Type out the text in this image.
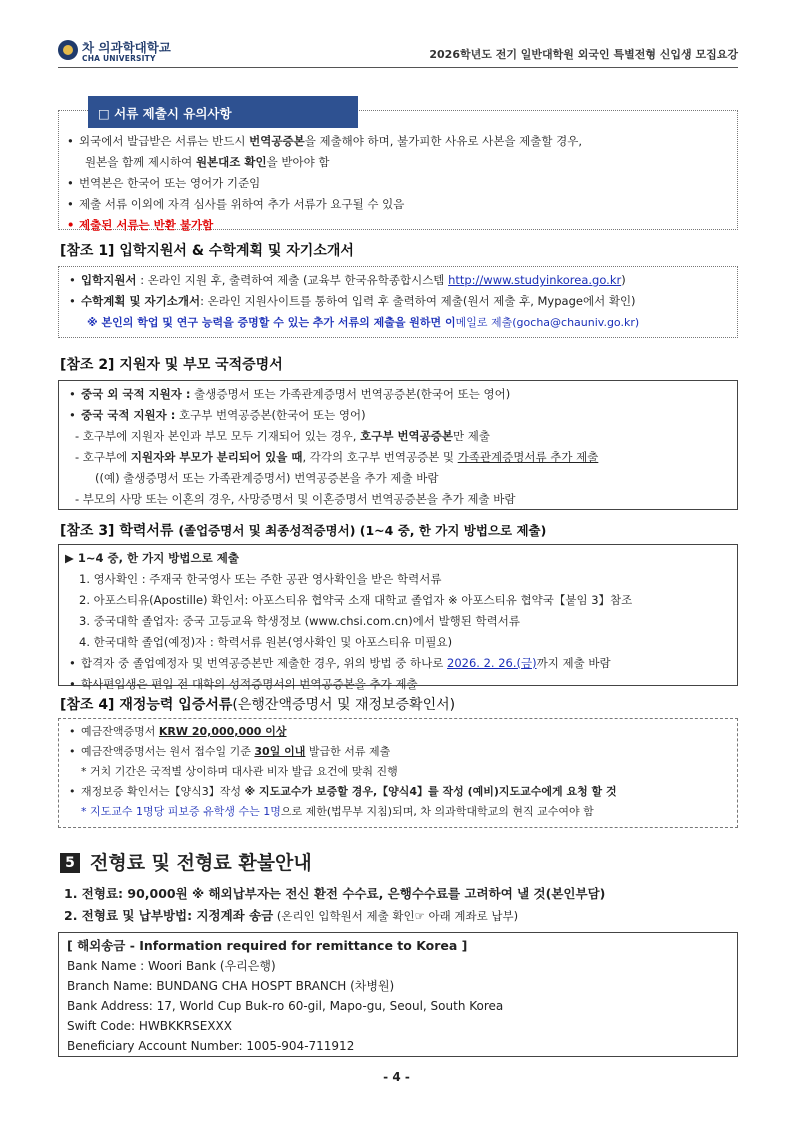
차 의과학대학교
CHA UNIVERSITY	2026학년도 전기 일반대학원 외국인 특별전형 신입생 모집요강
• 외국에서 발급받은 서류는 반드시 번역공증본을 제출해야 하며, 불가피한 사유로 사본을 제출할 경우,
원본을 함께 제시하여 원본대조 확인을 받아야 함
• 번역본은 한국어 또는 영어가 기준임
• 제출 서류 이외에 자격 심사를 위하여 추가 서류가 요구될 수 있음
• 제출된 서류는 반환 불가함
□ 서류 제출시 유의사항
[참조 1] 입학지원서 & 수학계획 및 자기소개서
• 입학지원서 : 온라인 지원 후, 출력하여 제출 (교육부 한국유학종합시스템 http://www.studyinkorea.go.kr)
• 수학계획 및 자기소개서: 온라인 지원사이트를 통하여 입력 후 출력하여 제출(원서 제출 후, Mypage에서 확인)
※ 본인의 학업 및 연구 능력을 증명할 수 있는 추가 서류의 제출을 원하면 이메일로 제출(gocha@chauniv.go.kr)
[참조 2] 지원자 및 부모 국적증명서
• 중국 외 국적 지원자 : 출생증명서 또는 가족관계증명서 번역공증본(한국어 또는 영어)
• 중국 국적 지원자 : 호구부 번역공증본(한국어 또는 영어)
- 호구부에 지원자 본인과 부모 모두 기재되어 있는 경우, 호구부 번역공증본만 제출
- 호구부에 지원자와 부모가 분리되어 있을 때, 각각의 호구부 번역공증본 및 가족관계증명서류 추가 제출
((예) 출생증명서 또는 가족관계증명서) 번역공증본을 추가 제출 바람
- 부모의 사망 또는 이혼의 경우, 사망증명서 및 이혼증명서 번역공증본을 추가 제출 바람
[참조 3] 학력서류 (졸업증명서 및 최종성적증명서) (1~4 중, 한 가지 방법으로 제출)
▶ 1~4 중, 한 가지 방법으로 제출
1. 영사확인 : 주재국 한국영사 또는 주한 공관 영사확인을 받은 학력서류
2. 아포스티유(Apostille) 확인서: 아포스티유 협약국 소재 대학교 졸업자 ※ 아포스티유 협약국【붙임 3】참조
3. 중국대학 졸업자: 중국 고등교육 학생정보 (www.chsi.com.cn)에서 발행된 학력서류
4. 한국대학 졸업(예정)자 : 학력서류 원본(영사확인 및 아포스티유 미필요)
• 합격자 중 졸업예정자 및 번역공증본만 제출한 경우, 위의 방법 중 하나로 2026. 2. 26.(금)까지 제출 바람
• 학사편입생은 편입 전 대학의 성적증명서의 번역공증본을 추가 제출
[참조 4] 재정능력 입증서류(은행잔액증명서 및 재정보증확인서)
• 예금잔액증명서 KRW 20,000,000 이상
• 예금잔액증명서는 원서 접수일 기준 30일 이내 발급한 서류 제출
* 거치 기간은 국적별 상이하며 대사관 비자 발급 요건에 맞춰 진행
• 재정보증 확인서는【양식3】작성 ※ 지도교수가 보증할 경우,【양식4】를 작성 (예비)지도교수에게 요청 할 것
* 지도교수 1명당 피보증 유학생 수는 1명으로 제한(법무부 지침)되며, 차 의과학대학교의 현직 교수여야 함
5 전형료 및 전형료 환불안내
1. 전형료: 90,000원 ※ 해외납부자는 전신 환전 수수료, 은행수수료를 고려하여 낼 것(본인부담)
2. 전형료 및 납부방법: 지정계좌 송금 (온리인 입학원서 제출 확인☞ 아래 계좌로 납부)
[ 해외송금 - Information required for remittance to Korea ]
Bank Name : Woori Bank (우리은행)
Branch Name: BUNDANG CHA HOSPT BRANCH (차병원)
Bank Address: 17, World Cup Buk-ro 60-gil, Mapo-gu, Seoul, South Korea
Swift Code: HWBKKRSEXXX
Beneficiary Account Number: 1005-904-711912
- 4 -
